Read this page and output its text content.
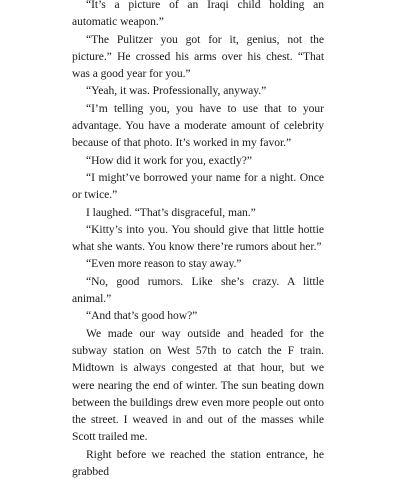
“It’s a picture of an Iraqi child holding an automatic weapon.”

“The Pulitzer you got for it, genius, not the picture.” He crossed his arms over his chest. “That was a good year for you.”

“Yeah, it was. Professionally, anyway.”

“I’m telling you, you have to use that to your advantage. You have a moderate amount of celebrity because of that photo. It’s worked in my favor.”

“How did it work for you, exactly?”

“I might’ve borrowed your name for a night. Once or twice.”

I laughed. “That’s disgraceful, man.”

“Kitty’s into you. You should give that little hottie what she wants. You know there’re rumors about her.”

“Even more reason to stay away.”

“No, good rumors. Like she’s crazy. A little animal.”

“And that’s good how?”

We made our way outside and headed for the subway station on West 57th to catch the F train. Midtown is always congested at that hour, but we were nearing the end of winter. The sun beating down between the buildings drew even more people out onto the street. I weaved in and out of the masses while Scott trailed me.

Right before we reached the station entrance, he grabbed
